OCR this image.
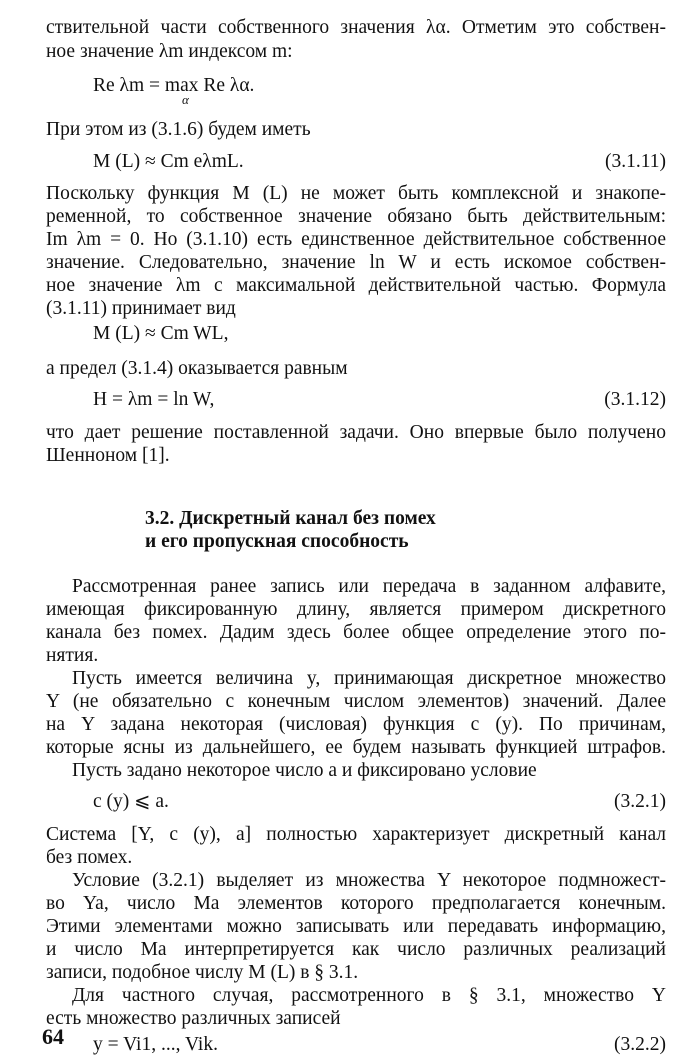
ствительной части собственного значения λα. Отметим это собствен-
ное значение λm индексом m:
Re λm = max Re λα.
α
При этом из (3.1.6) будем иметь
M (L) ≈ Cm eλmL.	(3.1.11)
Поскольку функция M (L) не может быть комплексной и знакопе-
ременной, то собственное значение обязано быть действительным:
Im λm = 0. Но (3.1.10) есть единственное действительное собственное
значение. Следовательно, значение ln W и есть искомое собствен-
ное значение λm с максимальной действительной частью. Формула
(3.1.11) принимает вид
M (L) ≈ Cm WL,
а предел (3.1.4) оказывается равным
H = λm = ln W,	(3.1.12)
что дает решение поставленной задачи. Оно впервые было получено
Шенноном [1].
3.2. Дискретный канал без помех
и его пропускная способность
Рассмотренная ранее запись или передача в заданном алфавите,
имеющая фиксированную длину, является примером дискретного
канала без помех. Дадим здесь более общее определение этого по-
нятия.
Пусть имеется величина y, принимающая дискретное множество
Y (не обязательно с конечным числом элементов) значений. Далее
на Y задана некоторая (числовая) функция c (y). По причинам,
которые ясны из дальнейшего, ее будем называть функцией штрафов.
Пусть задано некоторое число a и фиксировано условие
c (y) ⩽ a.	(3.2.1)
Система [Y, c (y), a] полностью характеризует дискретный канал
без помех.
Условие (3.2.1) выделяет из множества Y некоторое подмножест-
во Ya, число Ma элементов которого предполагается конечным.
Этими элементами можно записывать или передавать информацию,
и число Ma интерпретируется как число различных реализаций
записи, подобное числу M (L) в § 3.1.
Для частного случая, рассмотренного в § 3.1, множество Y
есть множество различных записей
y = Vi1, ..., Vik.	(3.2.2)
64
